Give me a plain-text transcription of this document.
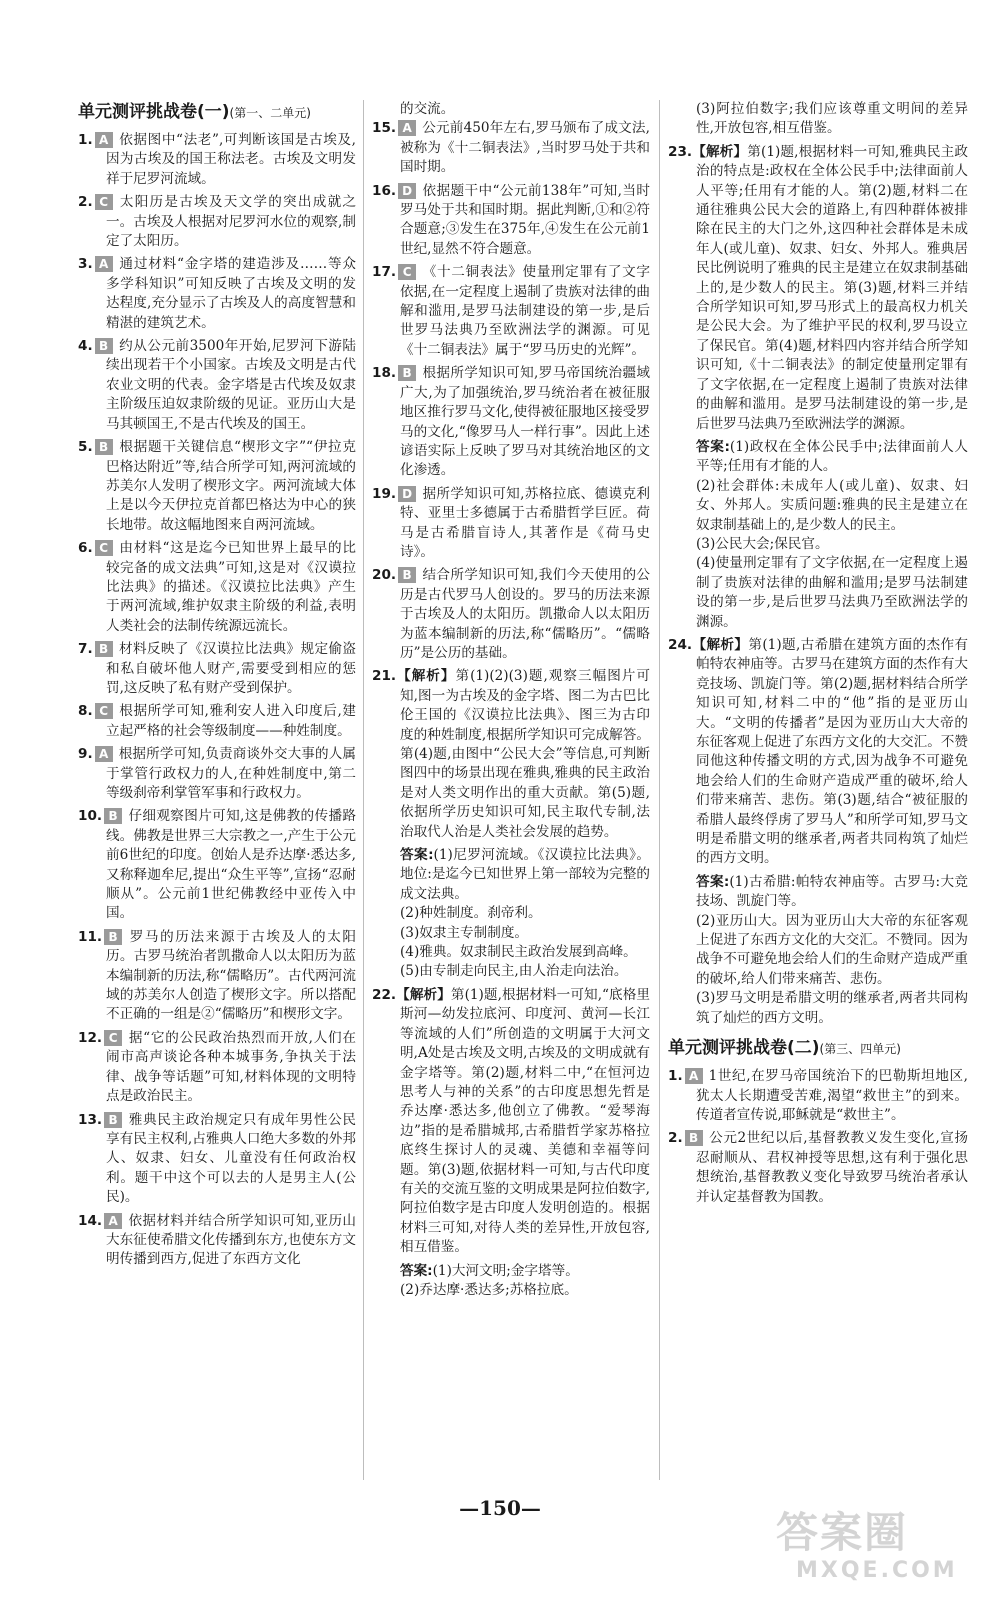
单元测评挑战卷(一)(第一、二单元)
1. A 依据图中“法老”,可判断该国是古埃及,因为古埃及的国王称法老。古埃及文明发祥于尼罗河流域。
2. C 太阳历是古埃及天文学的突出成就之一。古埃及人根据对尼罗河水位的观察,制定了太阳历。
3. A 通过材料“金字塔的建造涉及……等众多学科知识”可知反映了古埃及文明的发达程度,充分显示了古埃及人的高度智慧和精湛的建筑艺术。
4. B 约从公元前3500年开始,尼罗河下游陆续出现若干个小国家。古埃及文明是古代农业文明的代表。金字塔是古代埃及奴隶主阶级压迫奴隶阶级的见证。亚历山大是马其顿国王,不是古代埃及的国王。
5. B 根据题干关键信息“楔形文字”“伊拉克巴格达附近”等,结合所学可知,两河流域的苏美尔人发明了楔形文字。两河流域大体上是以今天伊拉克首都巴格达为中心的狭长地带。故这幅地图来自两河流域。
6. C 由材料“这是迄今已知世界上最早的比较完备的成文法典”可知,这是对《汉谟拉比法典》的描述。《汉谟拉比法典》产生于两河流域,维护奴隶主阶级的利益,表明人类社会的法制传统源远流长。
7. B 材料反映了《汉谟拉比法典》规定偷盗和私自破坏他人财产,需要受到相应的惩罚,这反映了私有财产受到保护。
8. C 根据所学可知,雅利安人进入印度后,建立起严格的社会等级制度——种姓制度。
9. A 根据所学可知,负责商谈外交大事的人属于掌管行政权力的人,在种姓制度中,第二等级刹帝利掌管军事和行政权力。
10. B 仔细观察图片可知,这是佛教的传播路线。佛教是世界三大宗教之一,产生于公元前6世纪的印度。创始人是乔达摩·悉达多,又称释迦牟尼,提出“众生平等”,宣扬“忍耐顺从”。公元前1世纪佛教经中亚传入中国。
11. B 罗马的历法来源于古埃及人的太阳历。古罗马统治者凯撒命人以太阳历为蓝本编制新的历法,称“儒略历”。古代两河流域的苏美尔人创造了楔形文字。所以搭配不正确的一组是②“儒略历”和楔形文字。
12. C 据“它的公民政治热烈而开放,人们在闹市高声谈论各种本城事务,争执关于法律、战争等话题”可知,材料体现的文明特点是政治民主。
13. B 雅典民主政治规定只有成年男性公民享有民主权利,占雅典人口绝大多数的外邦人、奴隶、妇女、儿童没有任何政治权利。题干中这个可以去的人是男主人(公民)。
14. A 依据材料并结合所学知识可知,亚历山大东征使希腊文化传播到东方,也使东方文明传播到西方,促进了东西方文化

的交流。

15. A 公元前450年左右,罗马颁布了成文法,被称为《十二铜表法》,当时罗马处于共和国时期。
16. D 依据题干中“公元前138年”可知,当时罗马处于共和国时期。据此判断,①和②符合题意;③发生在375年,④发生在公元前1世纪,显然不符合题意。
17. C 《十二铜表法》使量刑定罪有了文字依据,在一定程度上遏制了贵族对法律的曲解和滥用,是罗马法制建设的第一步,是后世罗马法典乃至欧洲法学的渊源。可见《十二铜表法》属于“罗马历史的光辉”。
18. B 根据所学知识可知,罗马帝国统治疆域广大,为了加强统治,罗马统治者在被征服地区推行罗马文化,使得被征服地区接受罗马的文化,“像罗马人一样行事”。因此上述谚语实际上反映了罗马对其统治地区的文化渗透。
19. D 据所学知识可知,苏格拉底、德谟克利特、亚里士多德属于古希腊哲学巨匠。荷马是古希腊盲诗人,其著作是《荷马史诗》。
20. B 结合所学知识可知,我们今天使用的公历是古代罗马人创设的。罗马的历法来源于古埃及人的太阳历。凯撒命人以太阳历为蓝本编制新的历法,称“儒略历”。“儒略历”是公历的基础。
21.【解析】第(1)(2)(3)题,观察三幅图片可知,图一为古埃及的金字塔、图二为古巴比伦王国的《汉谟拉比法典》、图三为古印度的种姓制度,根据所学知识可完成解答。第(4)题,由图中“公民大会”等信息,可判断图四中的场景出现在雅典,雅典的民主政治是对人类文明作出的重大贡献。第(5)题,依据所学历史知识可知,民主取代专制,法治取代人治是人类社会发展的趋势。

答案:(1)尼罗河流域。《汉谟拉比法典》。地位:是迄今已知世界上第一部较为完整的成文法典。

(2)种姓制度。刹帝利。

(3)奴隶主专制制度。

(4)雅典。奴隶制民主政治发展到高峰。

(5)由专制走向民主,由人治走向法治。

22.【解析】第(1)题,根据材料一可知,“底格里斯河—幼发拉底河、印度河、黄河—长江等流域的人们”所创造的文明属于大河文明,A处是古埃及文明,古埃及的文明成就有金字塔等。第(2)题,材料二中,“在恒河边思考人与神的关系”的古印度思想先哲是乔达摩·悉达多,他创立了佛教。“爱琴海边”指的是希腊城邦,古希腊哲学家苏格拉底终生探讨人的灵魂、美德和幸福等问题。第(3)题,依据材料一可知,与古代印度有关的交流互鉴的文明成果是阿拉伯数字,阿拉伯数字是古印度人发明创造的。根据材料三可知,对待人类的差异性,开放包容,相互借鉴。

答案:(1)大河文明;金字塔等。

(2)乔达摩·悉达多;苏格拉底。

(3)阿拉伯数字;我们应该尊重文明间的差异性,开放包容,相互借鉴。

23.【解析】第(1)题,根据材料一可知,雅典民主政治的特点是:政权在全体公民手中;法律面前人人平等;任用有才能的人。第(2)题,材料二在通往雅典公民大会的道路上,有四种群体被排除在民主的大门之外,这四种社会群体是未成年人(或儿童)、奴隶、妇女、外邦人。雅典居民比例说明了雅典的民主是建立在奴隶制基础上的,是少数人的民主。第(3)题,材料三并结合所学知识可知,罗马形式上的最高权力机关是公民大会。为了维护平民的权利,罗马设立了保民官。第(4)题,材料四内容并结合所学知识可知,《十二铜表法》的制定使量刑定罪有了文字依据,在一定程度上遏制了贵族对法律的曲解和滥用。是罗马法制建设的第一步,是后世罗马法典乃至欧洲法学的渊源。

答案:(1)政权在全体公民手中;法律面前人人平等;任用有才能的人。

(2)社会群体:未成年人(或儿童)、奴隶、妇女、外邦人。实质问题:雅典的民主是建立在奴隶制基础上的,是少数人的民主。

(3)公民大会;保民官。

(4)使量刑定罪有了文字依据,在一定程度上遏制了贵族对法律的曲解和滥用;是罗马法制建设的第一步,是后世罗马法典乃至欧洲法学的渊源。

24.【解析】第(1)题,古希腊在建筑方面的杰作有帕特农神庙等。古罗马在建筑方面的杰作有大竞技场、凯旋门等。第(2)题,据材料结合所学知识可知,材料二中的“他”指的是亚历山大。“文明的传播者”是因为亚历山大大帝的东征客观上促进了东西方文化的大交汇。不赞同他这种传播文明的方式,因为战争不可避免地会给人们的生命财产造成严重的破坏,给人们带来痛苦、悲伤。第(3)题,结合“被征服的希腊人最终俘虏了罗马人”和所学可知,罗马文明是希腊文明的继承者,两者共同构筑了灿烂的西方文明。

答案:(1)古希腊:帕特农神庙等。古罗马:大竞技场、凯旋门等。

(2)亚历山大。因为亚历山大大帝的东征客观上促进了东西方文化的大交汇。不赞同。因为战争不可避免地会给人们的生命财产造成严重的破坏,给人们带来痛苦、悲伤。

(3)罗马文明是希腊文明的继承者,两者共同构筑了灿烂的西方文明。

单元测评挑战卷(二)(第三、四单元)
1. A 1世纪,在罗马帝国统治下的巴勒斯坦地区,犹太人长期遭受苦难,渴望“救世主”的到来。传道者宣传说,耶稣就是“救世主”。
2. B 公元2世纪以后,基督教教义发生变化,宣扬忍耐顺从、君权神授等思想,这有利于强化思想统治,基督教教义变化导致罗马统治者承认并认定基督教为国教。
—150—	答案圈
MXQE.COM
